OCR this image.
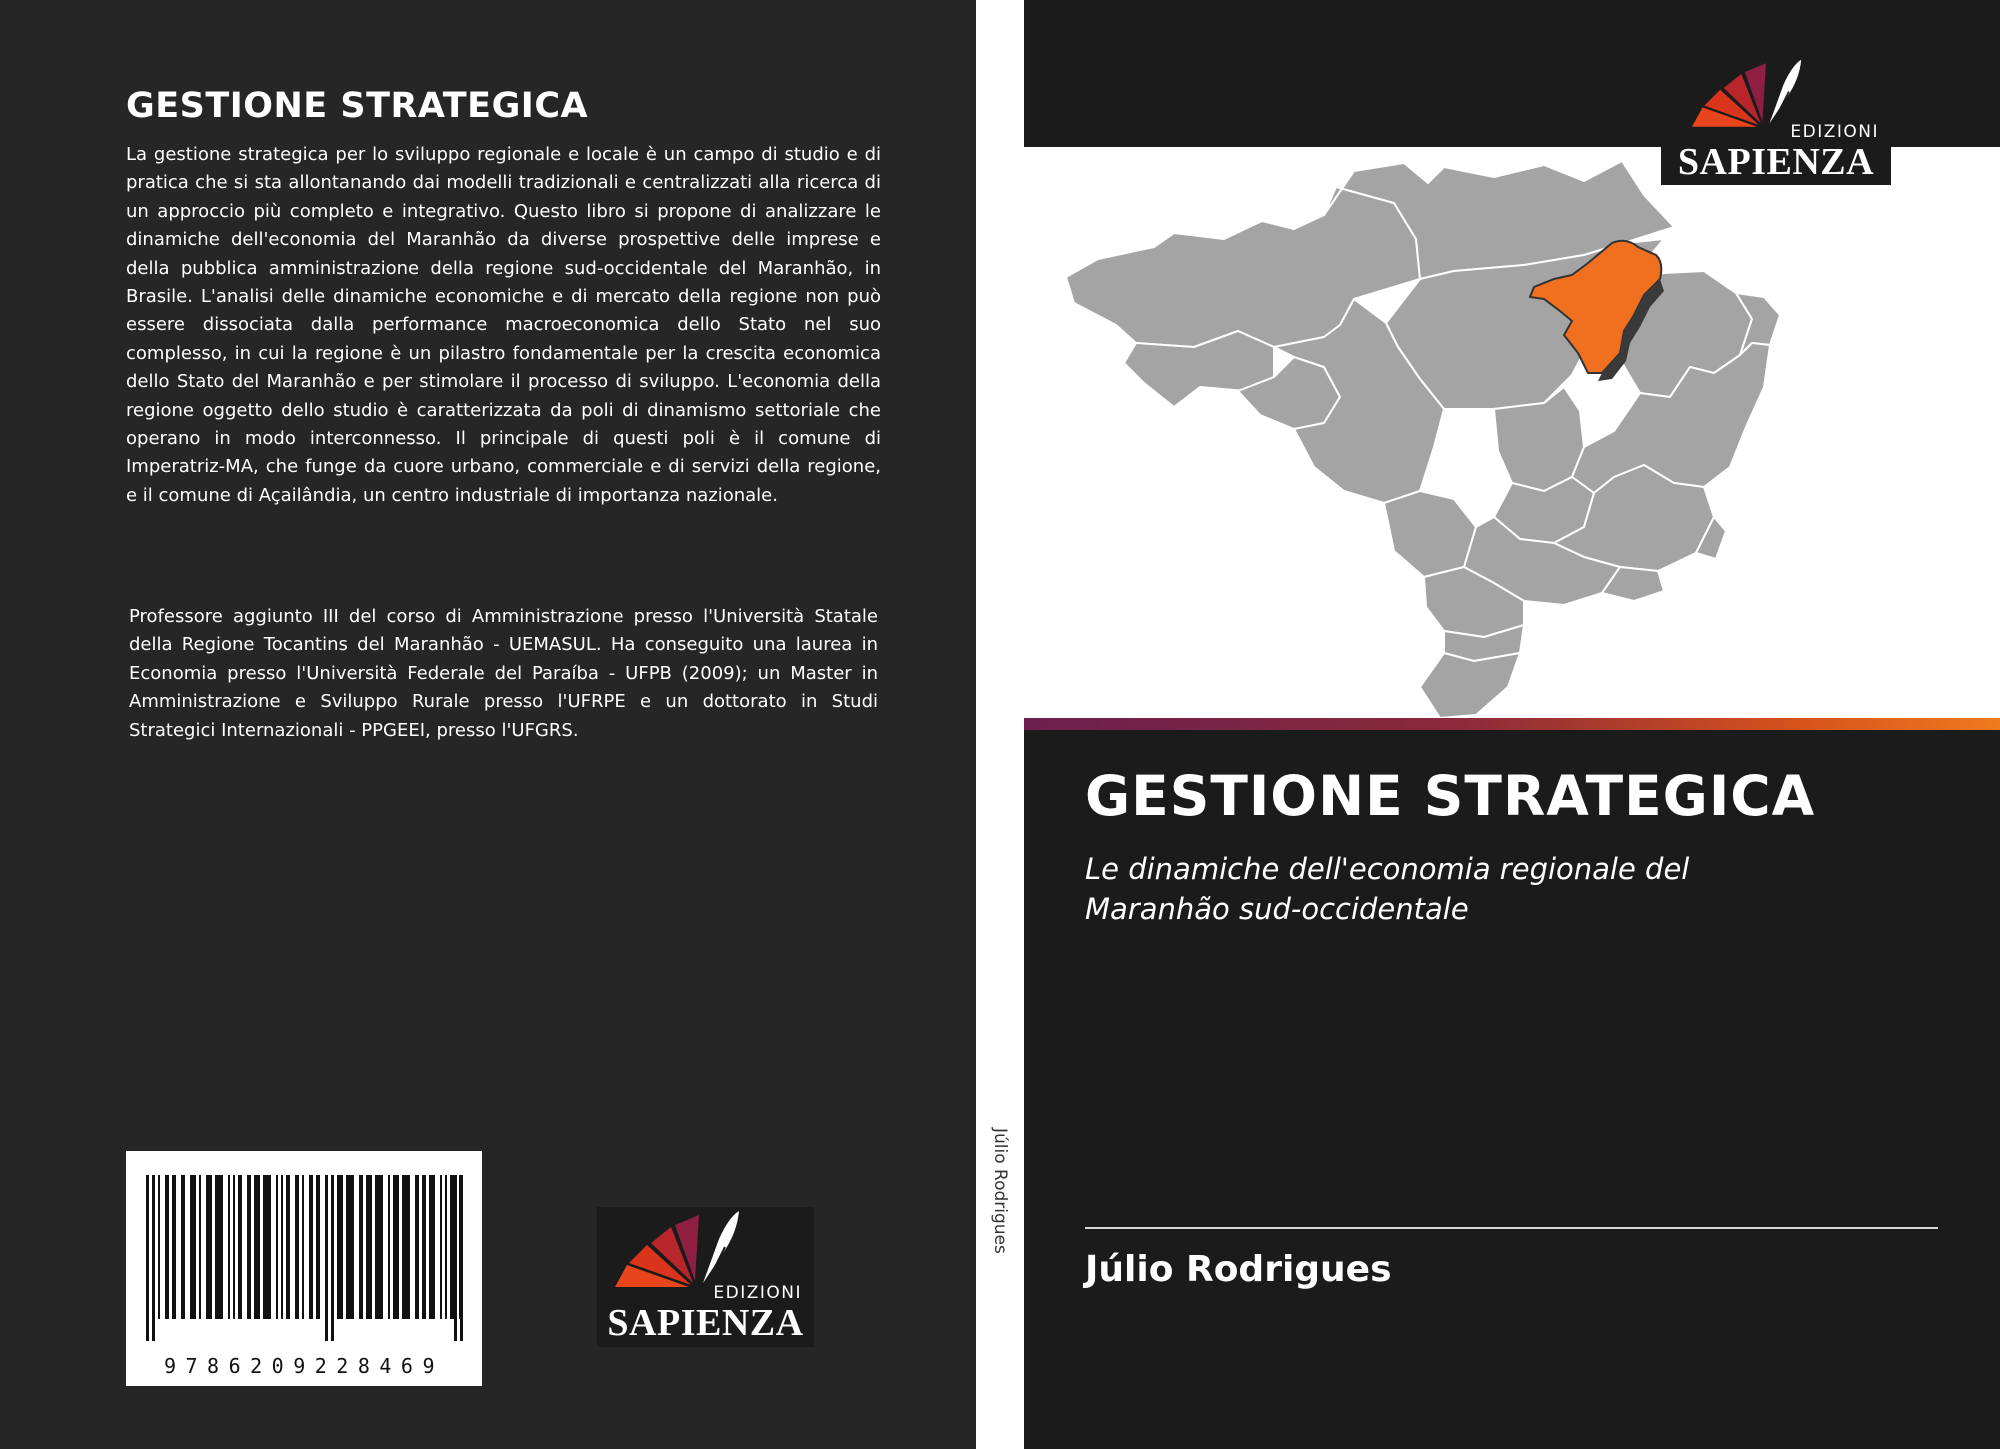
GESTIONE STRATEGICA

La gestione strategica per lo sviluppo regionale e locale è un campo di studio e di pratica che si sta allontanando dai modelli tradizionali e centralizzati alla ricerca di un approccio più completo e integrativo. Questo libro si propone di analizzare le dinamiche dell'economia del Maranhão da diverse prospettive delle imprese e della pubblica amministrazione della regione sud-occidentale del Maranhão, in Brasile. L'analisi delle dinamiche economiche e di mercato della regione non può essere dissociata dalla performance macroeconomica dello Stato nel suo complesso, in cui la regione è un pilastro fondamentale per la crescita economica dello Stato del Maranhão e per stimolare il processo di sviluppo. L'economia della regione oggetto dello studio è caratterizzata da poli di dinamismo settoriale che operano in modo interconnesso. Il principale di questi poli è il comune di Imperatriz-MA, che funge da cuore urbano, commerciale e di servizi della regione, e il comune di Açailândia, un centro industriale di importanza nazionale.

Professore aggiunto III del corso di Amministrazione presso l'Università Statale della Regione Tocantins del Maranhão - UEMASUL. Ha conseguito una laurea in Economia presso l'Università Federale del Paraíba - UFPB (2009); un Master in Amministrazione e Sviluppo Rurale presso l'UFRPE e un dottorato in Studi Strategici Internazionali - PPGEEI, presso l'UFGRS.

9786209228469
EDIZIONI
SAPIENZA
Júlio Rodrigues
EDIZIONI
SAPIENZA
GESTIONE STRATEGICA

Le dinamiche dell'economia regionale del
Maranhão sud-occidentale

Júlio Rodrigues
